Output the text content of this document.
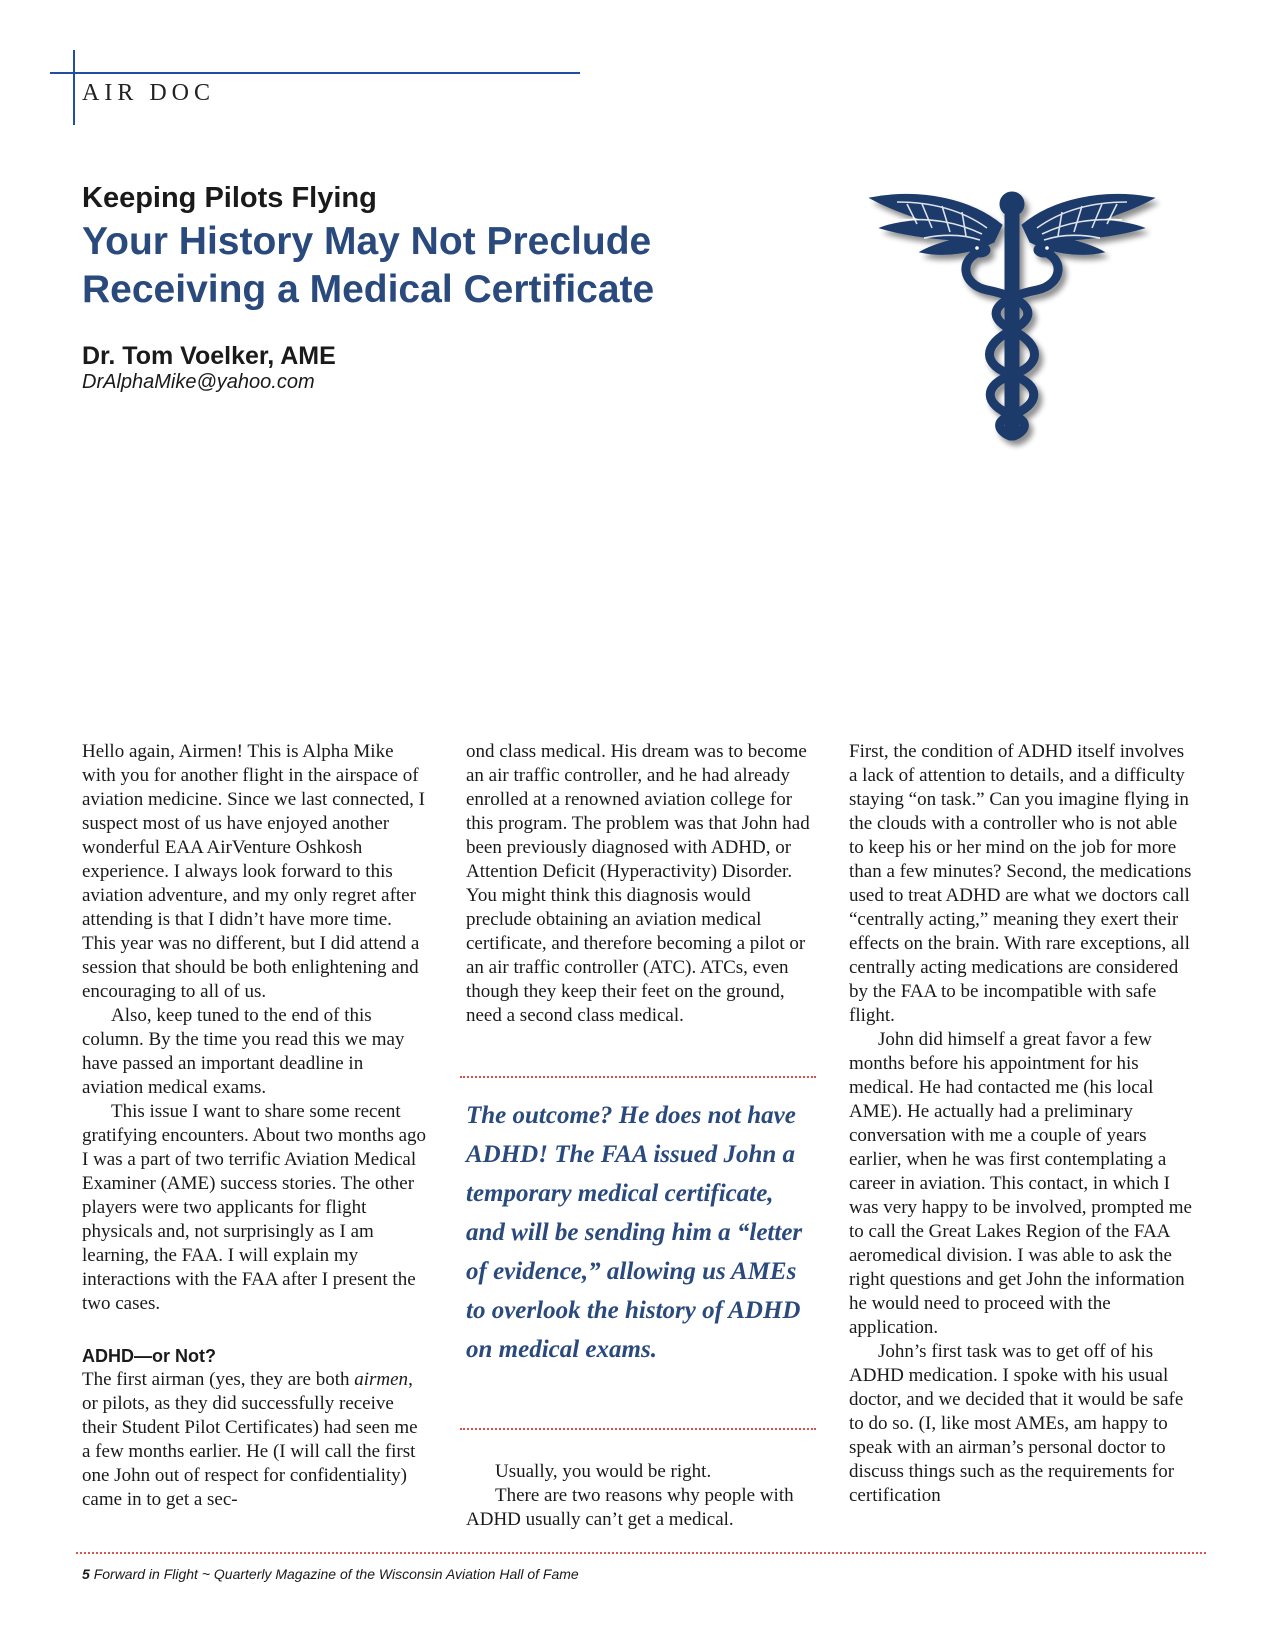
AIR DOC
Keeping Pilots Flying
Your History May Not Preclude
Receiving a Medical Certificate
Dr. Tom Voelker, AME
DrAlphaMike@yahoo.com

Hello again, Airmen! This is Alpha Mike with you for another flight in the airspace of aviation medicine. Since we last connected, I suspect most of us have enjoyed another wonderful EAA AirVenture Oshkosh experience. I always look forward to this aviation adventure, and my only regret after attending is that I didn’t have more time. This year was no different, but I did attend a session that should be both enlightening and encouraging to all of us.

Also, keep tuned to the end of this column. By the time you read this we may have passed an important deadline in aviation medical exams.

This issue I want to share some recent gratifying encounters. About two months ago I was a part of two terrific Aviation Medical Examiner (AME) success stories. The other players were two applicants for flight physicals and, not surprisingly as I am learning, the FAA. I will explain my interactions with the FAA after I present the two cases.

ADHD—or Not?

The first airman (yes, they are both airmen, or pilots, as they did successfully receive their Student Pilot Certificates) had seen me a few months earlier. He (I will call the first one John out of respect for confidentiality) came in to get a sec-

ond class medical. His dream was to become an air traffic controller, and he had already enrolled at a renowned aviation college for this program. The problem was that John had been previously diagnosed with ADHD, or Attention Deficit (Hyperactivity) Disorder. You might think this diagnosis would preclude obtaining an aviation medical certificate, and therefore becoming a pilot or an air traffic controller (ATC). ATCs, even though they keep their feet on the ground, need a second class medical.

The outcome? He does not have ADHD! The FAA issued John a temporary medical certificate, and will be sending him a “letter of evidence,” allowing us AMEs to overlook the history of ADHD on medical exams.

Usually, you would be right.

There are two reasons why people with ADHD usually can’t get a medical.

First, the condition of ADHD itself involves a lack of attention to details, and a difficulty staying “on task.” Can you imagine flying in the clouds with a controller who is not able to keep his or her mind on the job for more than a few minutes? Second, the medications used to treat ADHD are what we doctors call “centrally acting,” meaning they exert their effects on the brain. With rare exceptions, all centrally acting medications are considered by the FAA to be incompatible with safe flight.

John did himself a great favor a few months before his appointment for his medical. He had contacted me (his local AME). He actually had a preliminary conversation with me a couple of years earlier, when he was first contemplating a career in aviation. This contact, in which I was very happy to be involved, prompted me to call the Great Lakes Region of the FAA aeromedical division. I was able to ask the right questions and get John the information he would need to proceed with the application.

John’s first task was to get off of his ADHD medication. I spoke with his usual doctor, and we decided that it would be safe to do so. (I, like most AMEs, am happy to speak with an airman’s personal doctor to discuss things such as the requirements for certification

5 Forward in Flight ~ Quarterly Magazine of the Wisconsin Aviation Hall of Fame
